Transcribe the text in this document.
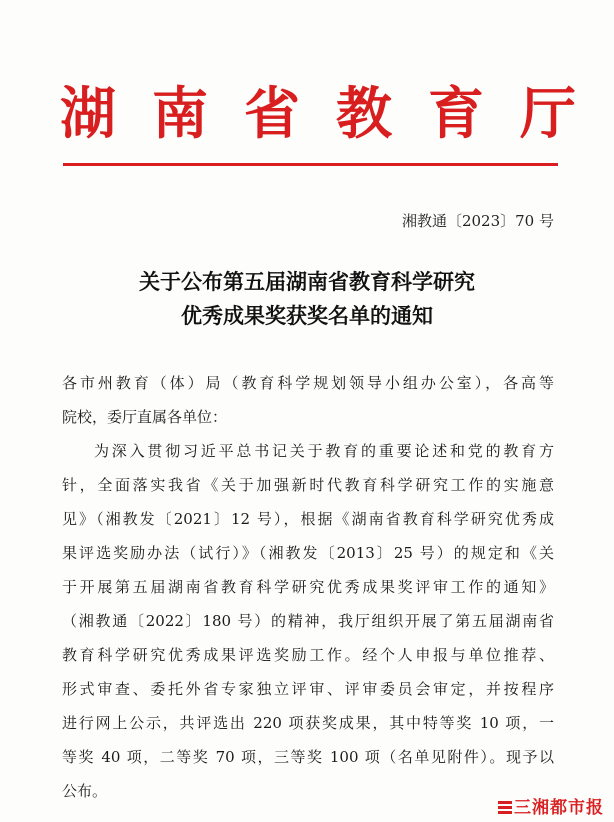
湖南省教育厅
湘教通〔2023〕70 号
关于公布第五届湖南省教育科学研究
优秀成果奖获奖名单的通知
各市州教育（体）局（教育科学规划领导小组办公室），各高等
院校，委厅直属各单位：
为深入贯彻习近平总书记关于教育的重要论述和党的教育方
针，全面落实我省《关于加强新时代教育科学研究工作的实施意
见》（湘教发〔2021〕12 号），根据《湖南省教育科学研究优秀成
果评选奖励办法（试行）》（湘教发〔2013〕25 号）的规定和《关
于开展第五届湖南省教育科学研究优秀成果奖评审工作的通知》
（湘教通〔2022〕180 号）的精神，我厅组织开展了第五届湖南省
教育科学研究优秀成果评选奖励工作。经个人申报与单位推荐、
形式审查、委托外省专家独立评审、评审委员会审定，并按程序
进行网上公示，共评选出 220 项获奖成果，其中特等奖 10 项，一
等奖 40 项，二等奖 70 项，三等奖 100 项（名单见附件）。现予以
公布。
三湘都市报
